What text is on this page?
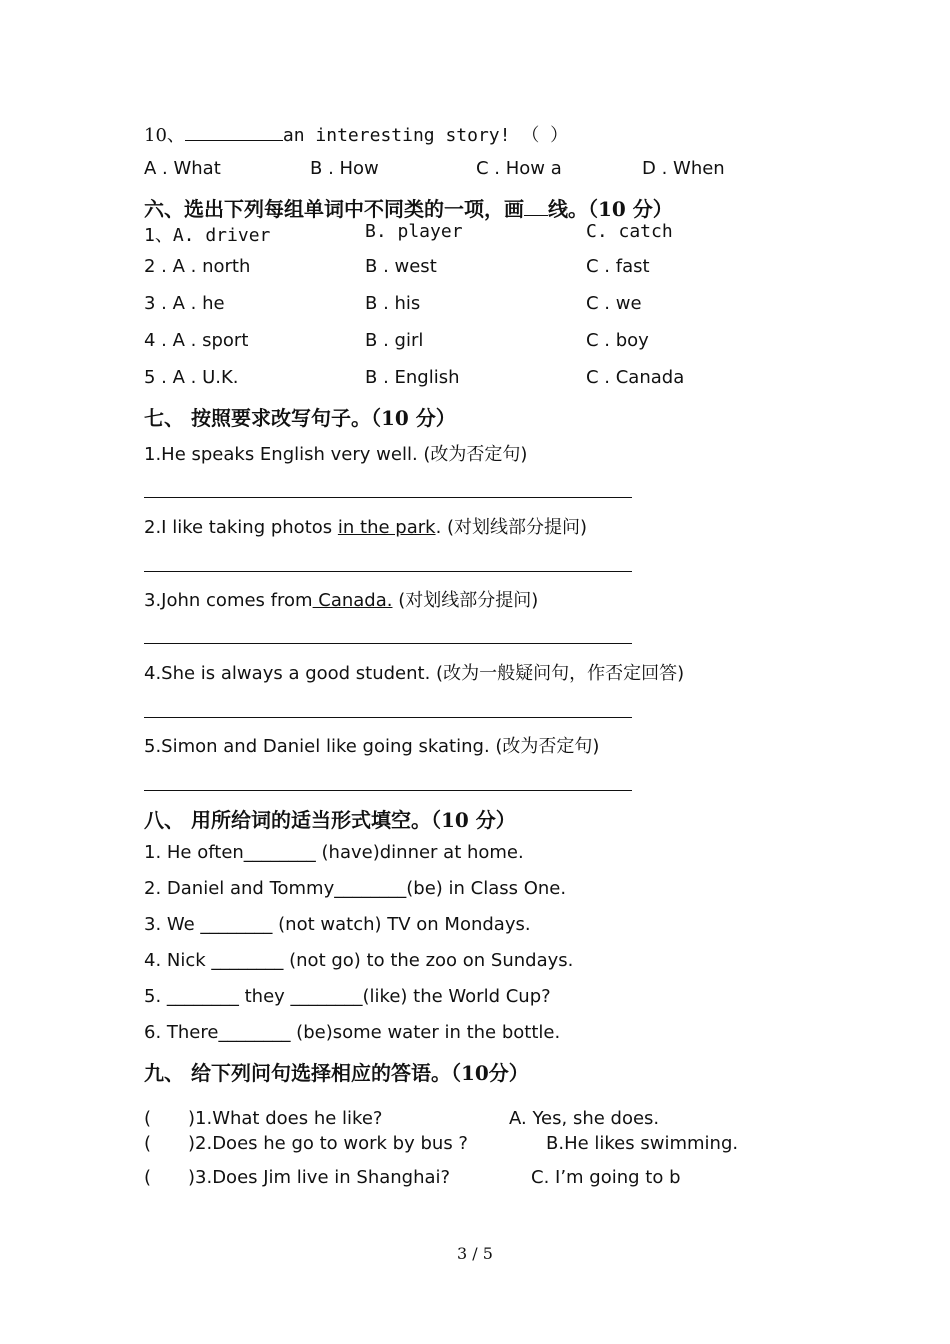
10、	an interesting story! （ ）
A . What	B . How	C . How a	D . When
六、选出下列每组单词中不同类的一项，画 线。（10 分）
1、A. driver	B. player	C. catch
2 . A . north	B . west	C . fast
3 . A . he	B . his	C . we
4 . A . sport	B . girl	C . boy
5 . A . U.K.	B . English	C . Canada
七、 按照要求改写句子。（10 分）
1.He speaks English very well. (改为否定句)
2.I like taking photos in the park. (对划线部分提问)
3.John comes from Canada. (对划线部分提问)
4.She is always a good student. (改为一般疑问句，作否定回答)
5.Simon and Daniel like going skating. (改为否定句)
八、 用所给词的适当形式填空。（10 分）
1. He often________ (have)dinner at home.
2. Daniel and Tommy________(be) in Class One.
3. We ________ (not watch) TV on Mondays.
4. Nick ________ (not go) to the zoo on Sundays.
5. ________ they ________(like) the World Cup?
6. There________ (be)some water in the bottle.
九、 给下列问句选择相应的答语。（10分）
( )1.What does he like?	A. Yes, she does.
( )2.Does he go to work by bus ?	B.He likes swimming.
( )3.Does Jim live in Shanghai?	C. I’m going to b
3 / 5
